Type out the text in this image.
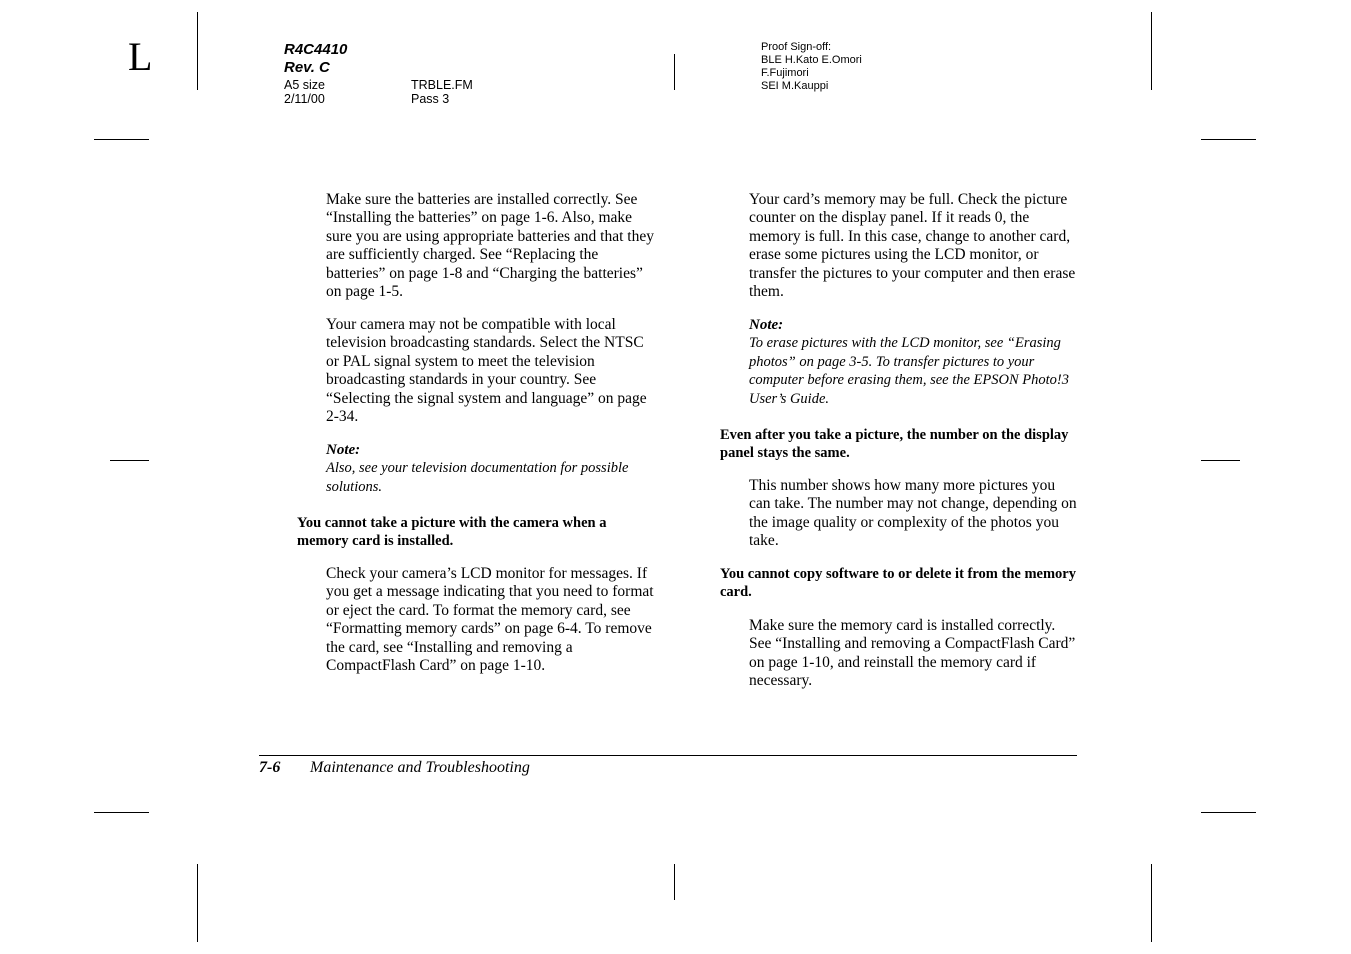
L	R4C4410
Rev. C
A5 size
2/11/00
TRBLE.FM
Pass 3
Proof Sign-off:
BLE H.Kato E.Omori
F.Fujimori
SEI M.Kauppi
Make sure the batteries are installed correctly. See “Installing the batteries” on page 1-6. Also, make sure you are using appropriate batteries and that they are sufficiently charged. See “Replacing the batteries” on page 1-8 and “Charging the batteries” on page 1-5.
Your camera may not be compatible with local television broadcasting standards. Select the NTSC or PAL signal system to meet the television broadcasting standards in your country. See “Selecting the signal system and language” on page 2-34.
Note:
Also, see your television documentation for possible solutions.
You cannot take a picture with the camera when a memory card is installed.
Check your camera’s LCD monitor for messages. If you get a message indicating that you need to format or eject the card. To format the memory card, see “Formatting memory cards” on page 6-4. To remove the card, see “Installing and removing a CompactFlash Card” on page 1-10.
Your card’s memory may be full. Check the picture counter on the display panel. If it reads 0, the memory is full. In this case, change to another card, erase some pictures using the LCD monitor, or transfer the pictures to your computer and then erase them.
Note:
To erase pictures with the LCD monitor, see “Erasing photos” on page 3-5. To transfer pictures to your computer before erasing them, see the EPSON Photo!3 User’s Guide.
Even after you take a picture, the number on the display panel stays the same.
This number shows how many more pictures you can take. The number may not change, depending on the image quality or complexity of the photos you take.
You cannot copy software to or delete it from the memory card.
Make sure the memory card is installed correctly. See “Installing and removing a CompactFlash Card” on page 1-10, and reinstall the memory card if necessary.
7-6 Maintenance and Troubleshooting
